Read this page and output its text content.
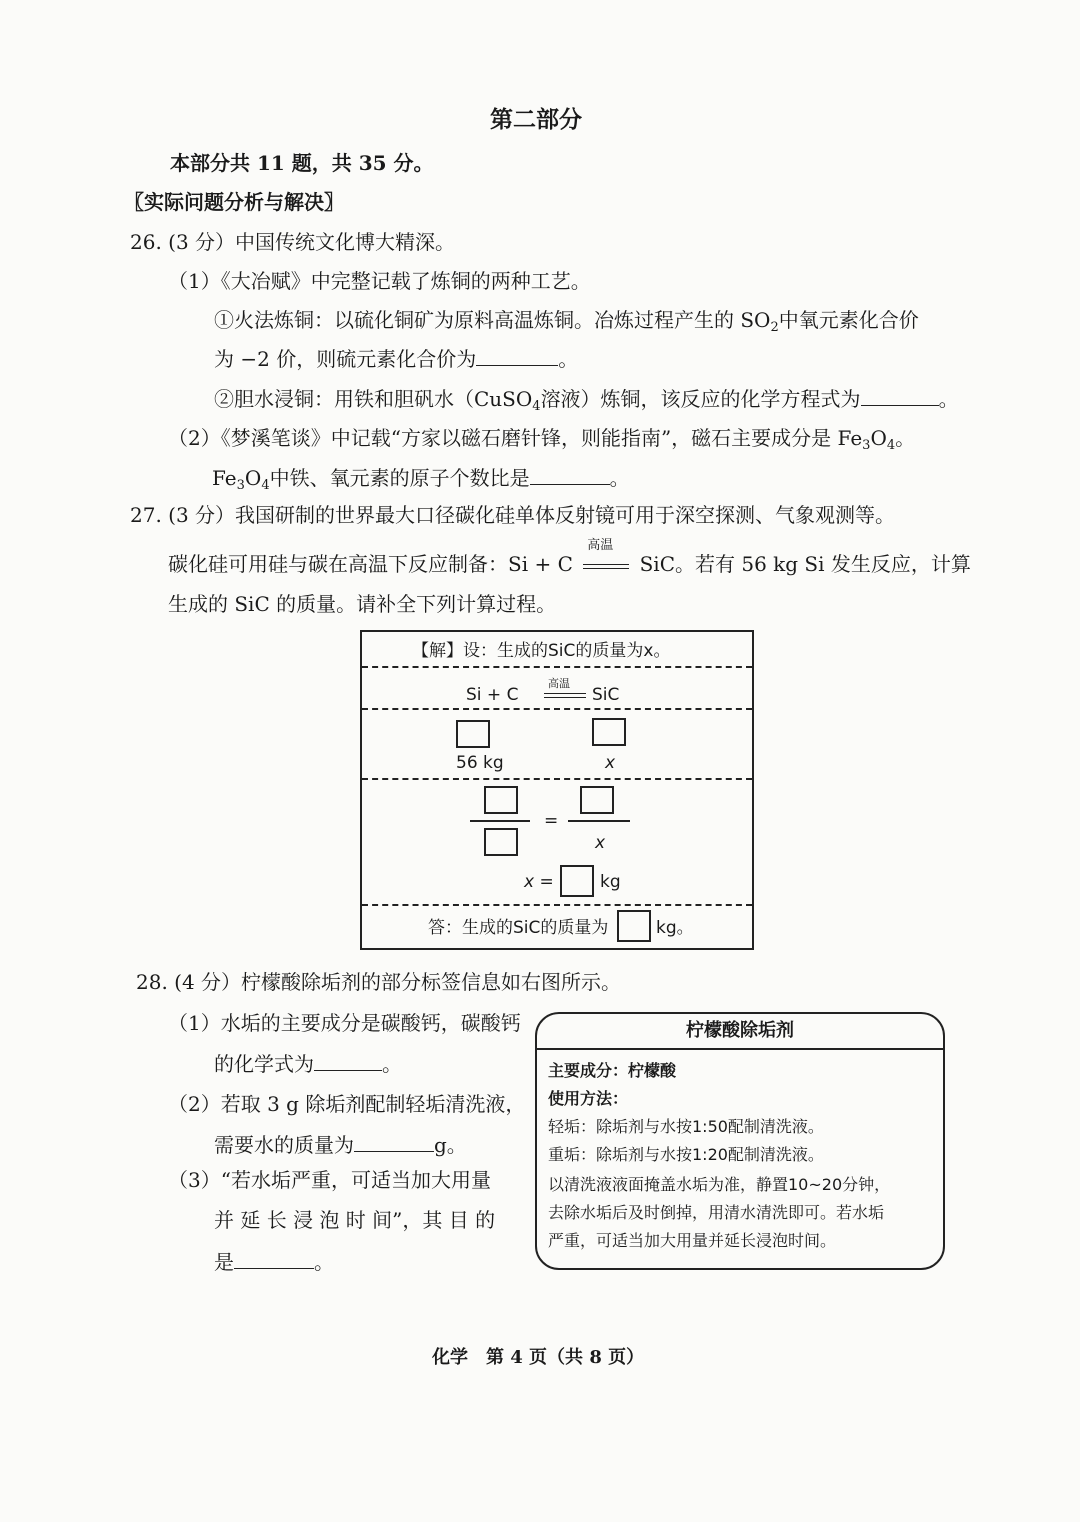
第二部分
本部分共 11 题，共 35 分。
〖实际问题分析与解决〗
26. (3 分）中国传统文化博大精深。
（1）《大冶赋》中完整记载了炼铜的两种工艺。
①火法炼铜：以硫化铜矿为原料高温炼铜。冶炼过程产生的 $SO_2$中氧元素化合价
为 −2 价，则硫元素化合价为	。
②胆水浸铜：用铁和胆矾水（CuSO$_4$溶液）炼铜，该反应的化学方程式为	。
（2）《梦溪笔谈》中记载“方家以磁石磨针锋，则能指南”，磁石主要成分是 $Fe_3O_4$。
$Fe_3O_4$中铁、氧元素的原子个数比是	。
27. (3 分）我国研制的世界最大口径碳化硅单体反射镜可用于深空探测、气象观测等。
碳化硅可用硅与碳在高温下反应制备：Si + C
高温
SiC。若有 56 kg Si 发生反应，计算
生成的 SiC 的质量。请补全下列计算过程。
【解】设：生成的SiC的质量为x。
Si + C
高温
SiC
56 kg	x
=
x
x =	kg
答：生成的SiC的质量为	kg。
28. (4 分）柠檬酸除垢剂的部分标签信息如右图所示。
（1）水垢的主要成分是碳酸钙，碳酸钙
的化学式为	。
（2）若取 3 g 除垢剂配制轻垢清洗液，
需要水的质量为	g。
（3）“若水垢严重，可适当加大用量
并 延 长 浸 泡 时 间”，其 目 的
是	。
柠檬酸除垢剂
主要成分：柠檬酸
使用方法：
轻垢：除垢剂与水按1:50配制清洗液。
重垢：除垢剂与水按1:20配制清洗液。
以清洗液液面掩盖水垢为准，静置10~20分钟，
去除水垢后及时倒掉，用清水清洗即可。若水垢
严重，可适当加大用量并延长浸泡时间。
化学　第 4 页（共 8 页）
